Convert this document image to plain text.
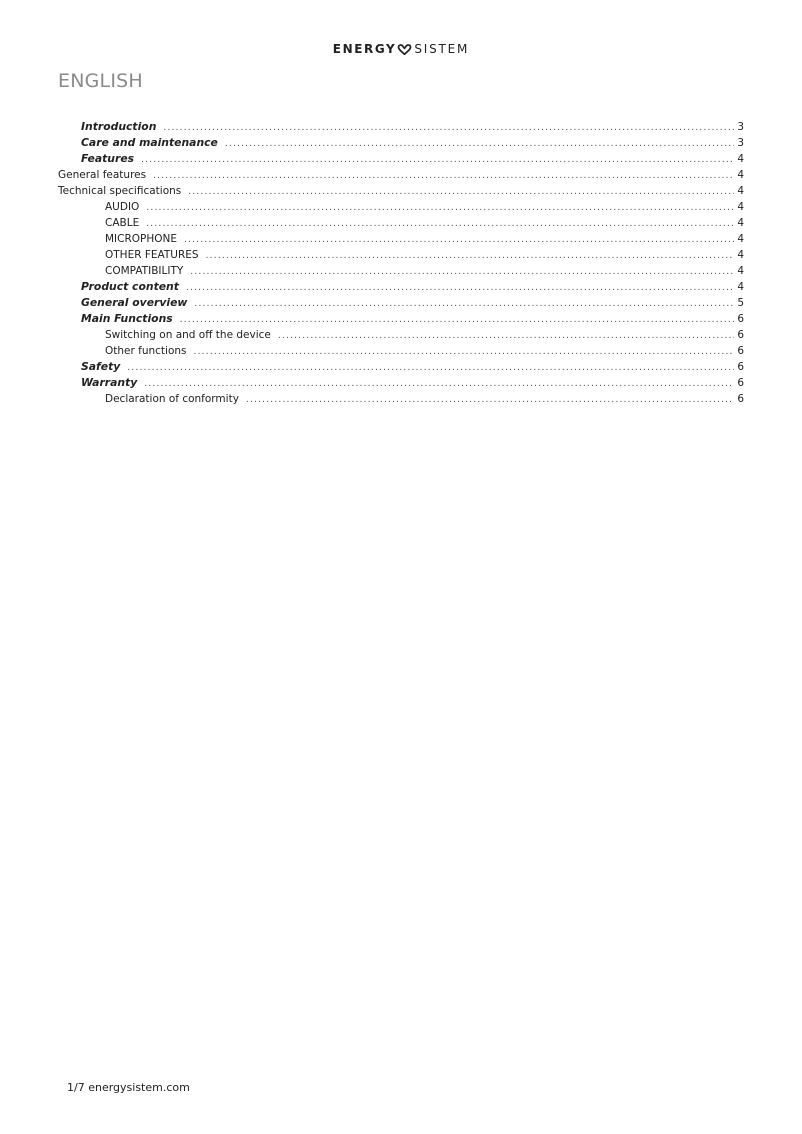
ENERGY SISTEM
ENGLISH
Introduction .....	3
Care and maintenance .....	3
Features .....	4
General features .....	4
Technical specifications .....	4
AUDIO .....	4
CABLE .....	4
MICROPHONE .....	4
OTHER FEATURES .....	4
COMPATIBILITY .....	4
Product content .....	4
General overview .....	5
Main Functions .....	6
Switching on and off the device .....	6
Other functions .....	6
Safety .....	6
Warranty .....	6
Declaration of conformity .....	6
1/7 energysistem.com
